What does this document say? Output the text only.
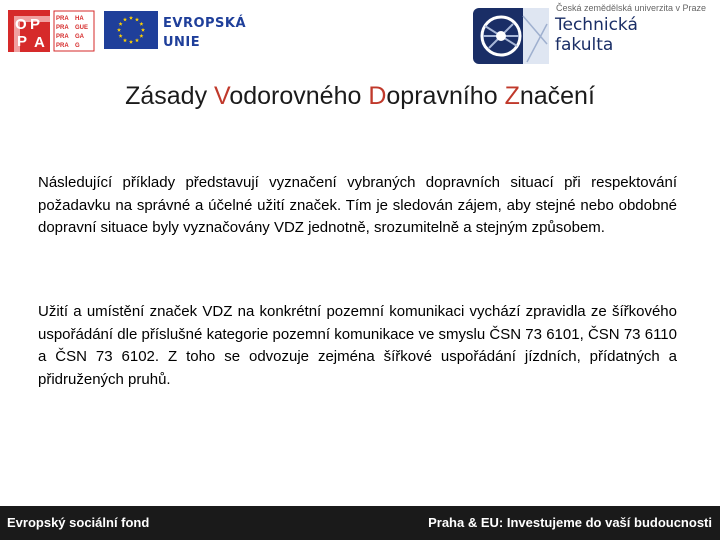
O P
P A
PRA HA
PRA GUE
PRA GA
PRA G
EVROPSKÁ
UNIE
Česká zemědělská univerzita v Praze
Technická
fakulta
Zásady Vodorovného Dopravního Značení

Následující příklady představují vyznačení vybraných dopravních situací při respektování požadavku na správné a účelné užití značek. Tím je sledován zájem, aby stejné nebo obdobné dopravní situace byly vyznačovány VDZ jednotně, srozumitelně a stejným způsobem.

Užití a umístění značek VDZ na konkrétní pozemní komunikaci vychází zpravidla ze šířkového uspořádání dle příslušné kategorie pozemní komunikace ve smyslu ČSN 73 6101, ČSN 73 6110 a ČSN 73 6102. Z toho se odvozuje zejména šířkové uspořádání jízdních, přídatných a přidružených pruhů.

Evropský sociální fond	Praha & EU: Investujeme do vaší budoucnosti
